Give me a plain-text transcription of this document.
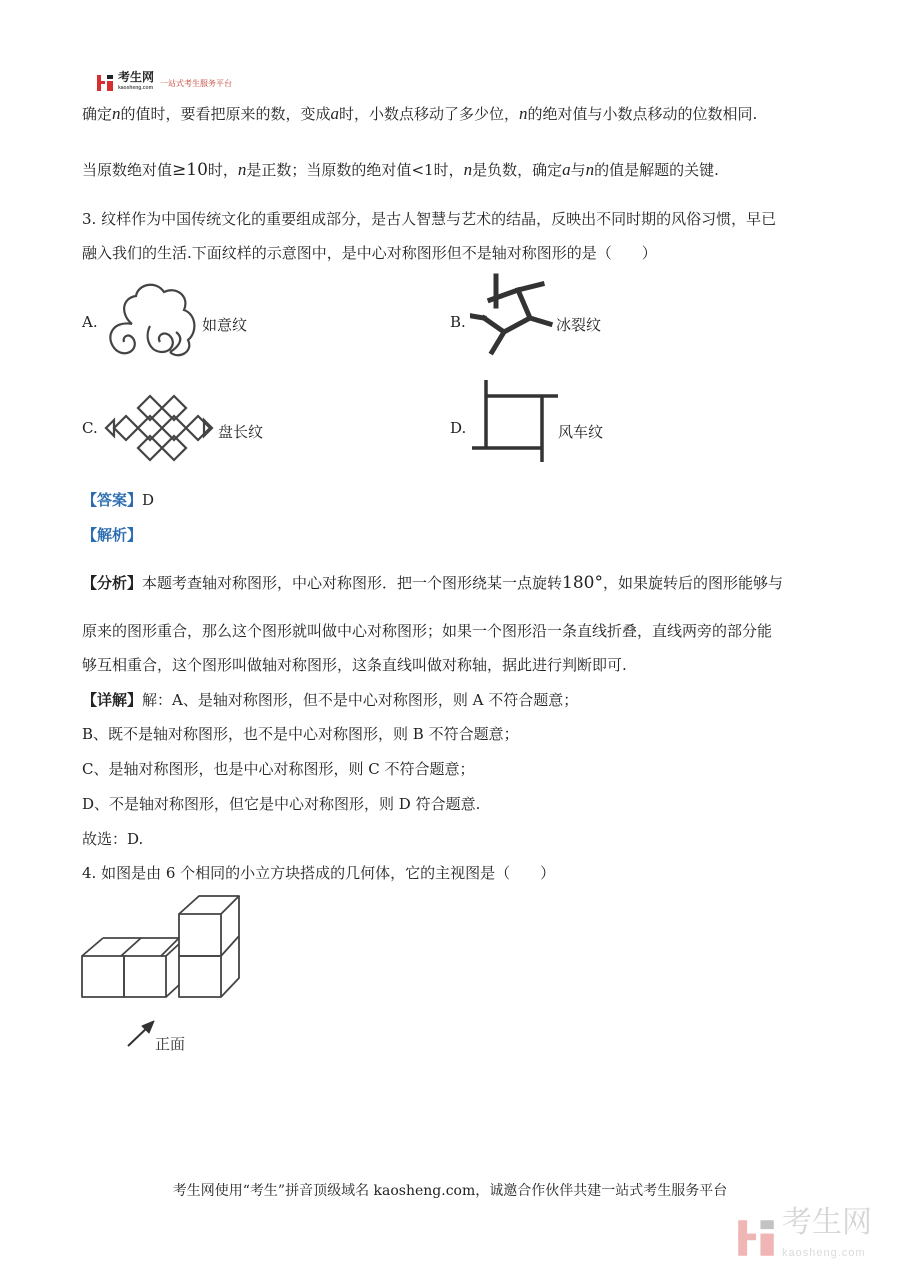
考生网
kaosheng.com
一站式考生服务平台
确定n的值时，要看把原来的数，变成a时，小数点移动了多少位，n的绝对值与小数点移动的位数相同.
当原数绝对值≥10时，n是正数；当原数的绝对值<1时，n是负数，确定a与n的值是解题的关键.
3. 纹样作为中国传统文化的重要组成部分，是古人智慧与艺术的结晶，反映出不同时期的风俗习惯，早已
融入我们的生活.下面纹样的示意图中，是中心对称图形但不是轴对称图形的是（　　）
A.	如意纹	B.	冰裂纹
C.	盘长纹	D.	风车纹
【答案】D
【解析】
【分析】本题考查轴对称图形，中心对称图形．把一个图形绕某一点旋转180°，如果旋转后的图形能够与
原来的图形重合，那么这个图形就叫做中心对称图形；如果一个图形沿一条直线折叠，直线两旁的部分能
够互相重合，这个图形叫做轴对称图形，这条直线叫做对称轴，据此进行判断即可.
【详解】解：A、是轴对称图形，但不是中心对称图形，则 A 不符合题意；
B、既不是轴对称图形，也不是中心对称图形，则 B 不符合题意；
C、是轴对称图形，也是中心对称图形，则 C 不符合题意；
D、不是轴对称图形，但它是中心对称图形，则 D 符合题意.
故选：D.
4. 如图是由 6 个相同的小立方块搭成的几何体，它的主视图是（　　）
正面
考生网使用“考生”拼音顶级域名 kaosheng.com，诚邀合作伙伴共建一站式考生服务平台
考生网
kaosheng.com
